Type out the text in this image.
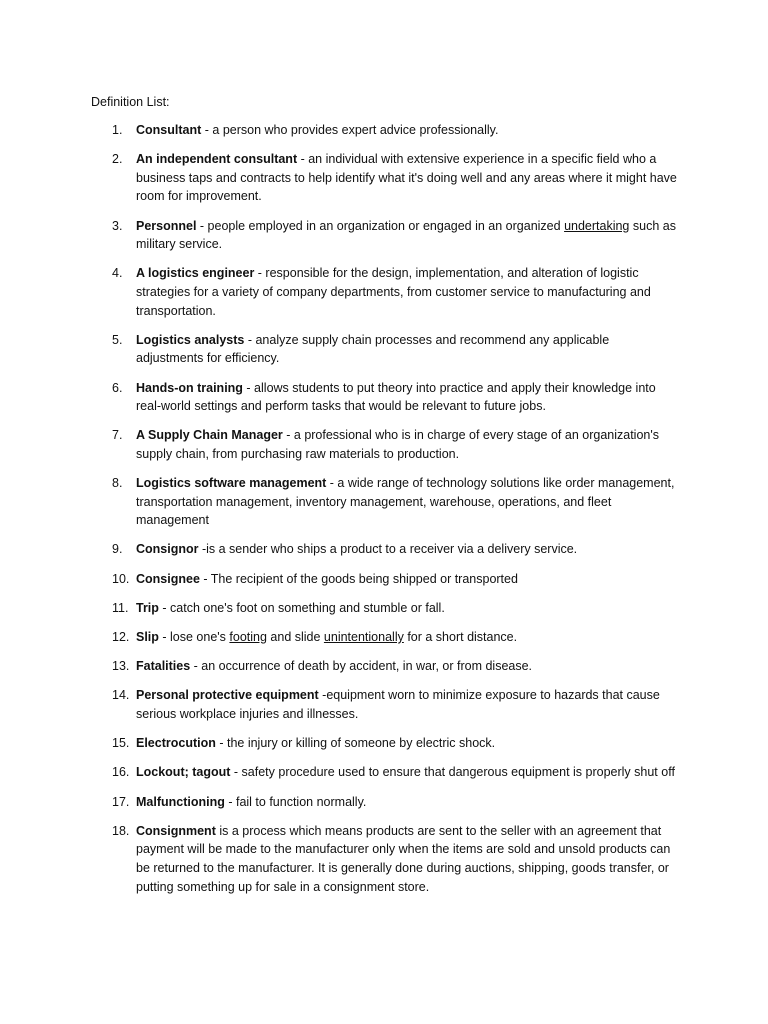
Definition List:
1. Consultant - a person who provides expert advice professionally.
2. An independent consultant - an individual with extensive experience in a specific field who a business taps and contracts to help identify what it's doing well and any areas where it might have room for improvement.
3. Personnel - people employed in an organization or engaged in an organized undertaking such as military service.
4. A logistics engineer - responsible for the design, implementation, and alteration of logistic strategies for a variety of company departments, from customer service to manufacturing and transportation.
5. Logistics analysts - analyze supply chain processes and recommend any applicable adjustments for efficiency.
6. Hands-on training - allows students to put theory into practice and apply their knowledge into real-world settings and perform tasks that would be relevant to future jobs.
7. A Supply Chain Manager - a professional who is in charge of every stage of an organization's supply chain, from purchasing raw materials to production.
8. Logistics software management - a wide range of technology solutions like order management, transportation management, inventory management, warehouse, operations, and fleet management
9. Consignor -is a sender who ships a product to a receiver via a delivery service.
10. Consignee - The recipient of the goods being shipped or transported
11. Trip - catch one's foot on something and stumble or fall.
12. Slip - lose one's footing and slide unintentionally for a short distance.
13. Fatalities - an occurrence of death by accident, in war, or from disease.
14. Personal protective equipment -equipment worn to minimize exposure to hazards that cause serious workplace injuries and illnesses.
15. Electrocution - the injury or killing of someone by electric shock.
16. Lockout; tagout - safety procedure used to ensure that dangerous equipment is properly shut off
17. Malfunctioning - fail to function normally.
18. Consignment is a process which means products are sent to the seller with an agreement that payment will be made to the manufacturer only when the items are sold and unsold products can be returned to the manufacturer. It is generally done during auctions, shipping, goods transfer, or putting something up for sale in a consignment store.
